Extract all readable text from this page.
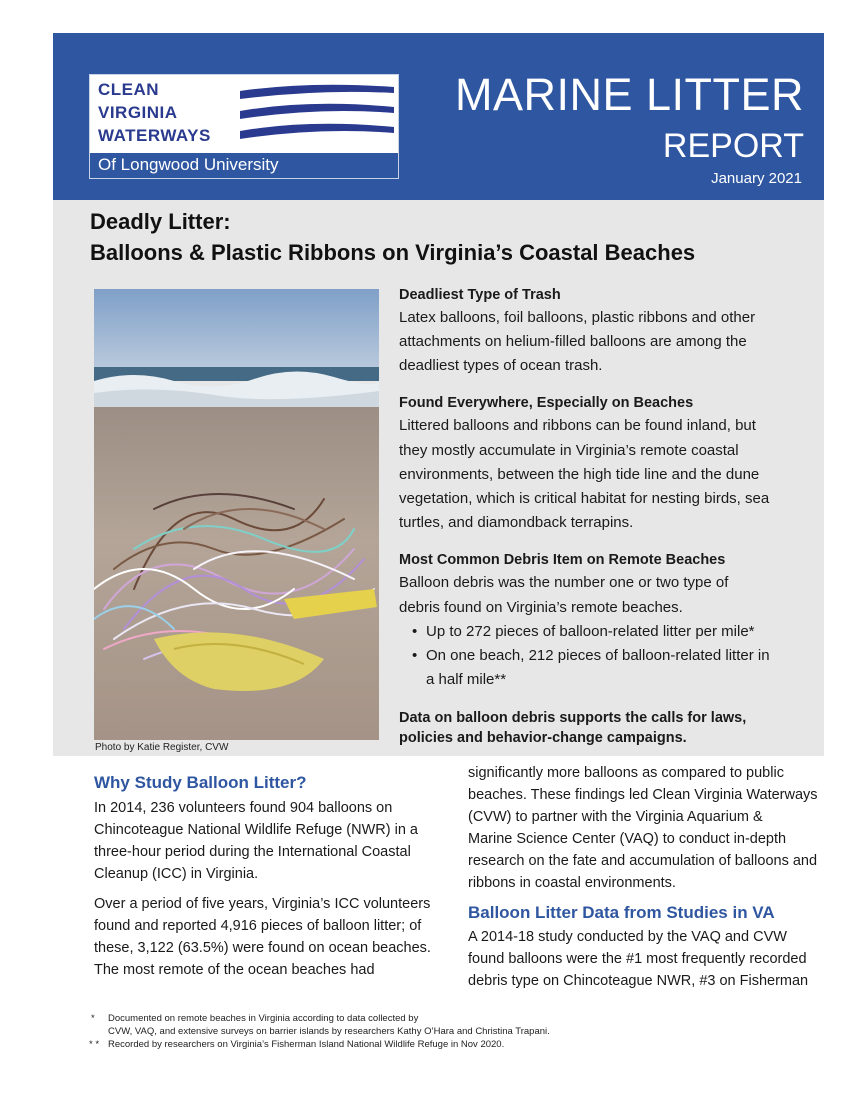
CLEAN
VIRGINIA
WATERWAYS
Of Longwood University
MARINE LITTER
REPORT
January 2021
Deadly Litter:
Balloons & Plastic Ribbons on Virginia’s Coastal Beaches
Photo by Katie Register, CVW
Deadliest Type of Trash
Latex balloons, foil balloons, plastic ribbons and other
attachments on helium-filled balloons are among the
deadliest types of ocean trash.
Found Everywhere, Especially on Beaches
Littered balloons and ribbons can be found inland, but
they mostly accumulate in Virginia’s remote coastal
environments, between the high tide line and the dune
vegetation, which is critical habitat for nesting birds, sea
turtles, and diamondback terrapins.
Most Common Debris Item on Remote Beaches
Balloon debris was the number one or two type of
debris found on Virginia’s remote beaches.
• Up to 272 pieces of balloon-related litter per mile*
• On one beach, 212 pieces of balloon-related litter in
a half mile**
Data on balloon debris supports the calls for laws,
policies and behavior-change campaigns.
Why Study Balloon Litter?
In 2014, 236 volunteers found 904 balloons on
Chincoteague National Wildlife Refuge (NWR) in a
three-hour period during the International Coastal
Cleanup (ICC) in Virginia.
Over a period of five years, Virginia’s ICC volunteers
found and reported 4,916 pieces of balloon litter; of
these, 3,122 (63.5%) were found on ocean beaches.
The most remote of the ocean beaches had
significantly more balloons as compared to public
beaches. These findings led Clean Virginia Waterways
(CVW) to partner with the Virginia Aquarium &
Marine Science Center (VAQ) to conduct in-depth
research on the fate and accumulation of balloons and
ribbons in coastal environments.
Balloon Litter Data from Studies in VA
A 2014-18 study conducted by the VAQ and CVW
found balloons were the #1 most frequently recorded
debris type on Chincoteague NWR, #3 on Fisherman
* Documented on remote beaches in Virginia according to data collected by
CVW, VAQ, and extensive surveys on barrier islands by researchers Kathy O’Hara and Christina Trapani.
* * Recorded by researchers on Virginia’s Fisherman Island National Wildlife Refuge in Nov 2020.
